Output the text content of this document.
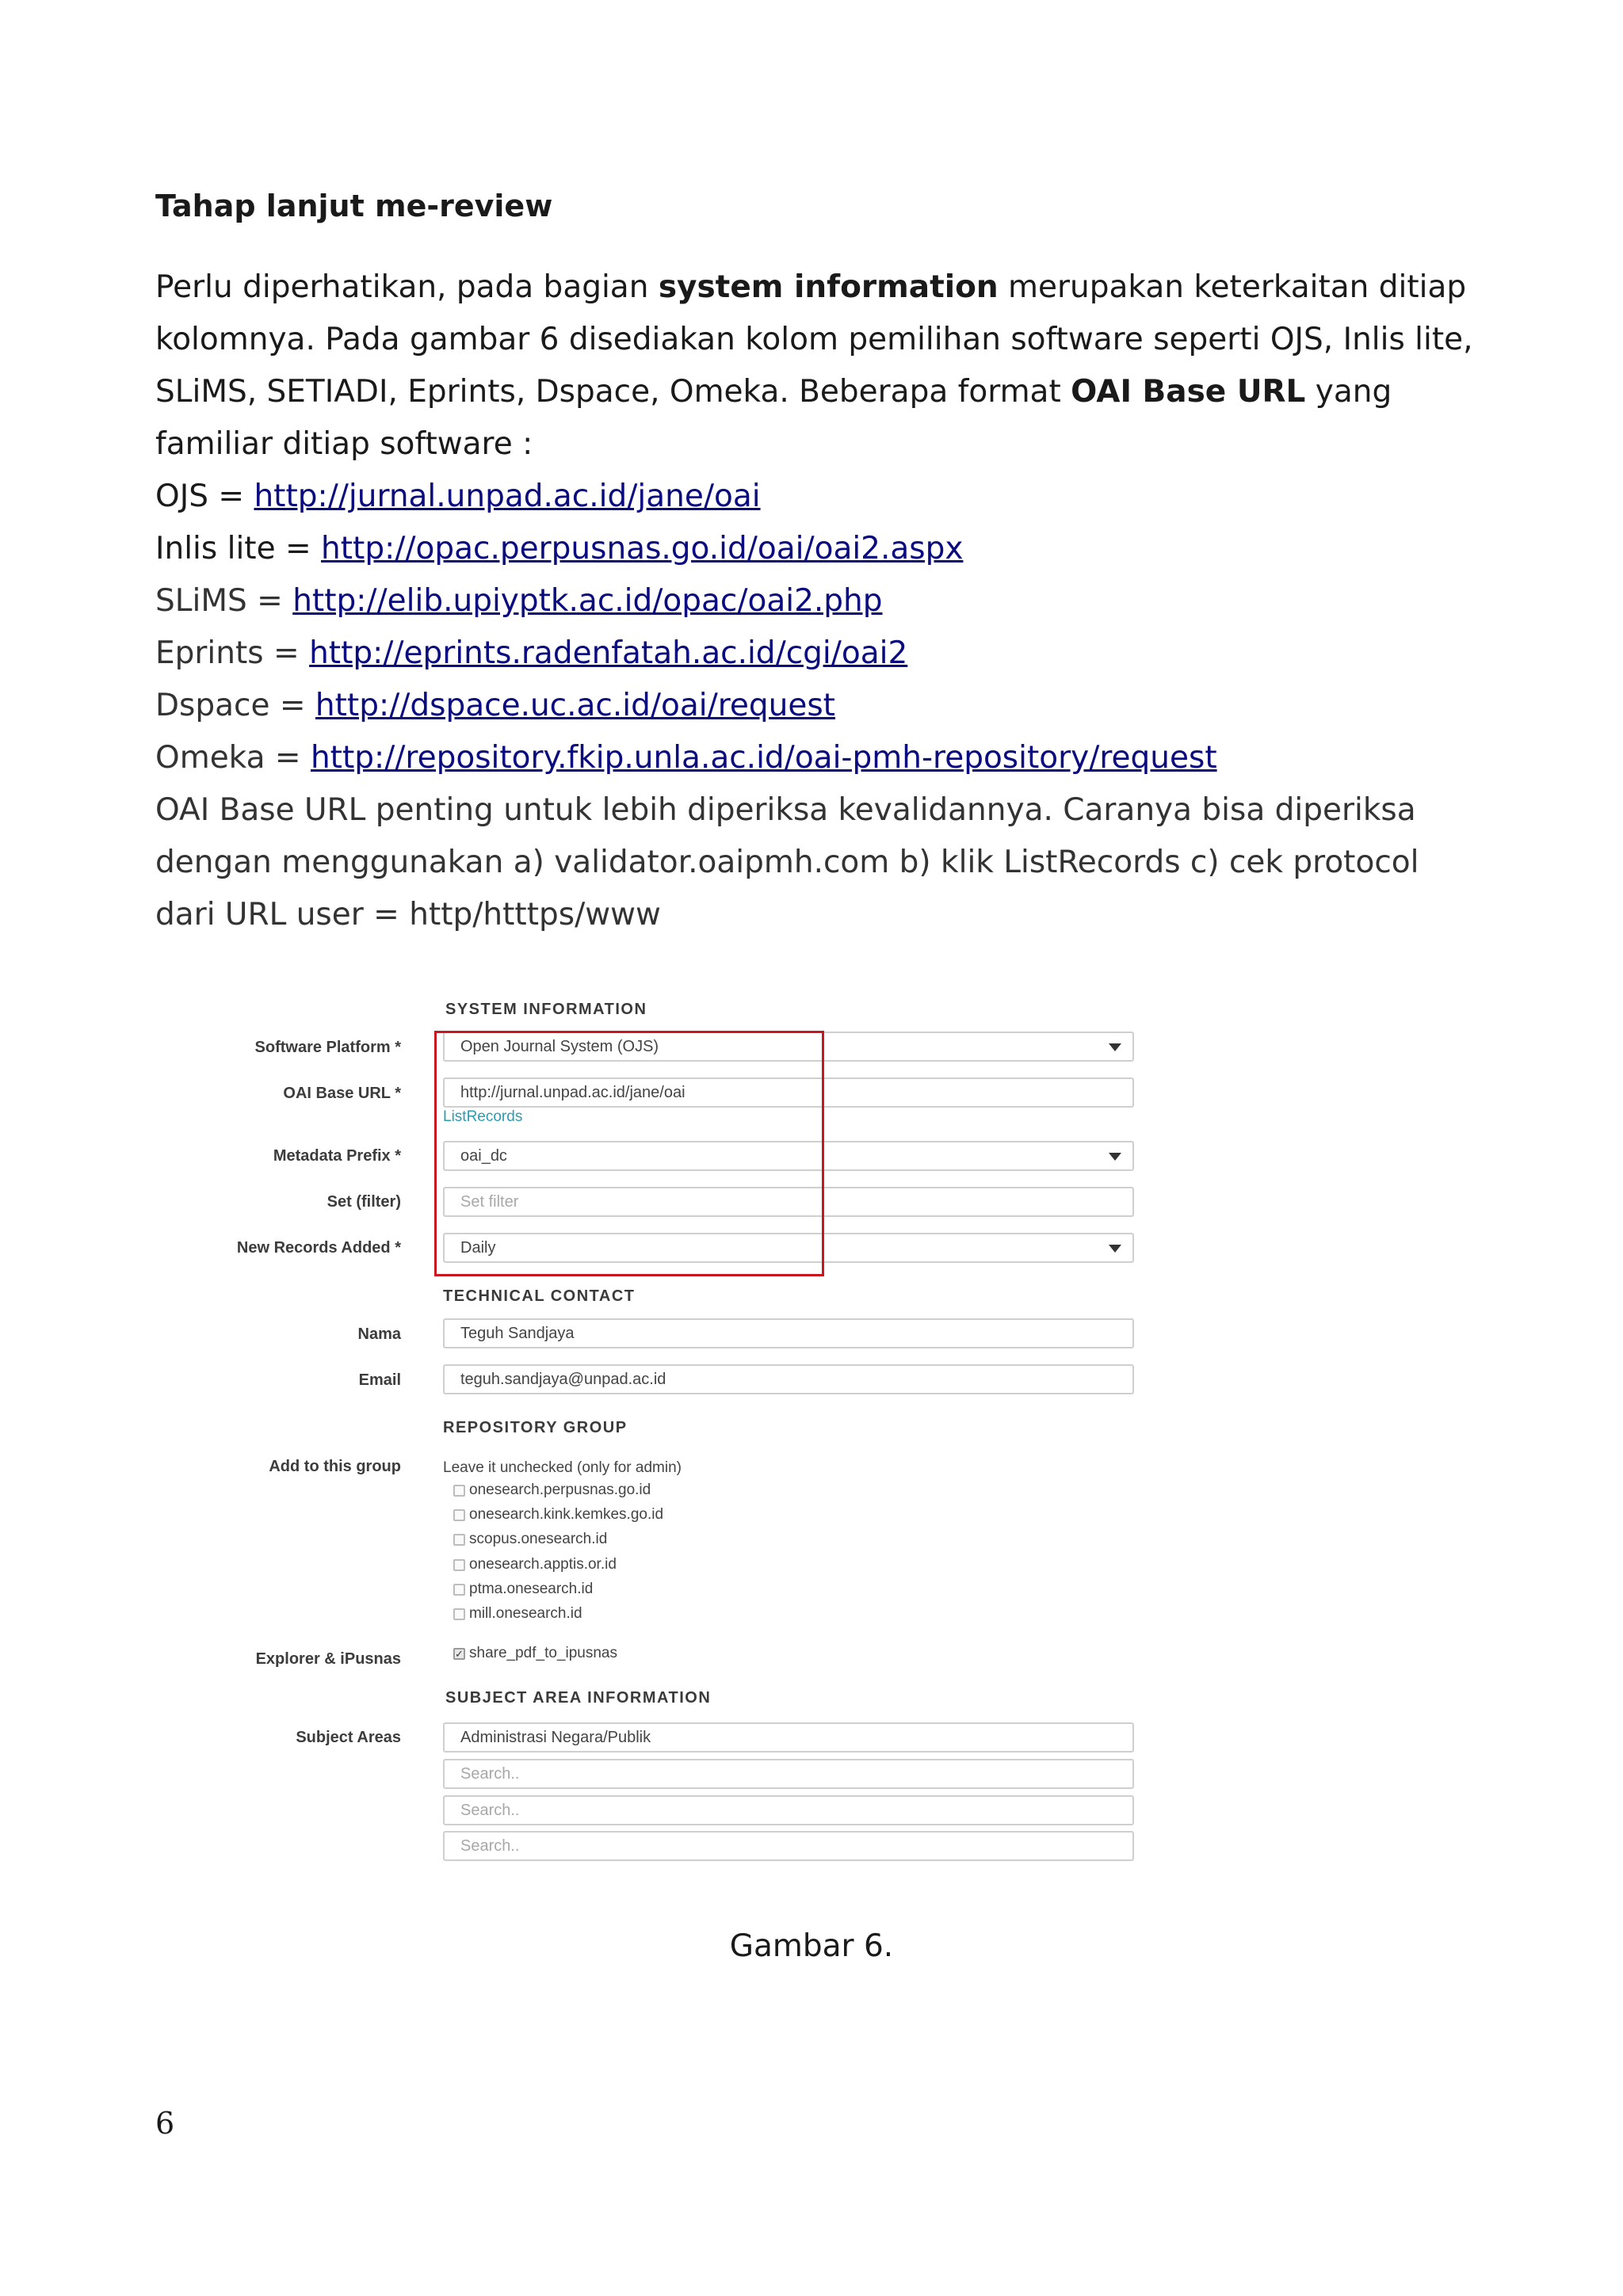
Tahap lanjut me-review

Perlu diperhatikan, pada bagian system information merupakan keterkaitan ditiap kolomnya. Pada gambar 6 disediakan kolom pemilihan software seperti OJS, Inlis lite, SLiMS, SETIADI, Eprints, Dspace, Omeka. Beberapa format OAI Base URL yang familiar ditiap software :

OJS = http://jurnal.unpad.ac.id/jane/oai
Inlis lite = http://opac.perpusnas.go.id/oai/oai2.aspx
SLiMS = http://elib.upiyptk.ac.id/opac/oai2.php
Eprints = http://eprints.radenfatah.ac.id/cgi/oai2
Dspace = http://dspace.uc.ac.id/oai/request
Omeka = http://repository.fkip.unla.ac.id/oai-pmh-repository/request

OAI Base URL penting untuk lebih diperiksa kevalidannya. Caranya bisa diperiksa dengan menggunakan a) validator.oaipmh.com b) klik ListRecords c) cek protocol dari URL user = http/htttps/www

SYSTEM INFORMATION
Software Platform *	Open Journal System (OJS)
OAI Base URL *	http://jurnal.unpad.ac.id/jane/oai
ListRecords
Metadata Prefix *	oai_dc
Set (filter)	Set filter
New Records Added *	Daily
TECHNICAL CONTACT
Nama	Teguh Sandjaya
Email	teguh.sandjaya@unpad.ac.id
REPOSITORY GROUP
Add to this group	Leave it unchecked (only for admin)
onesearch.perpusnas.go.id
onesearch.kink.kemkes.go.id
scopus.onesearch.id
onesearch.apptis.or.id
ptma.onesearch.id
mill.onesearch.id
Explorer & iPusnas	✓ share_pdf_to_ipusnas
SUBJECT AREA INFORMATION
Subject Areas	Administrasi Negara/Publik
Search..
Search..
Search..
Gambar 6.
6
